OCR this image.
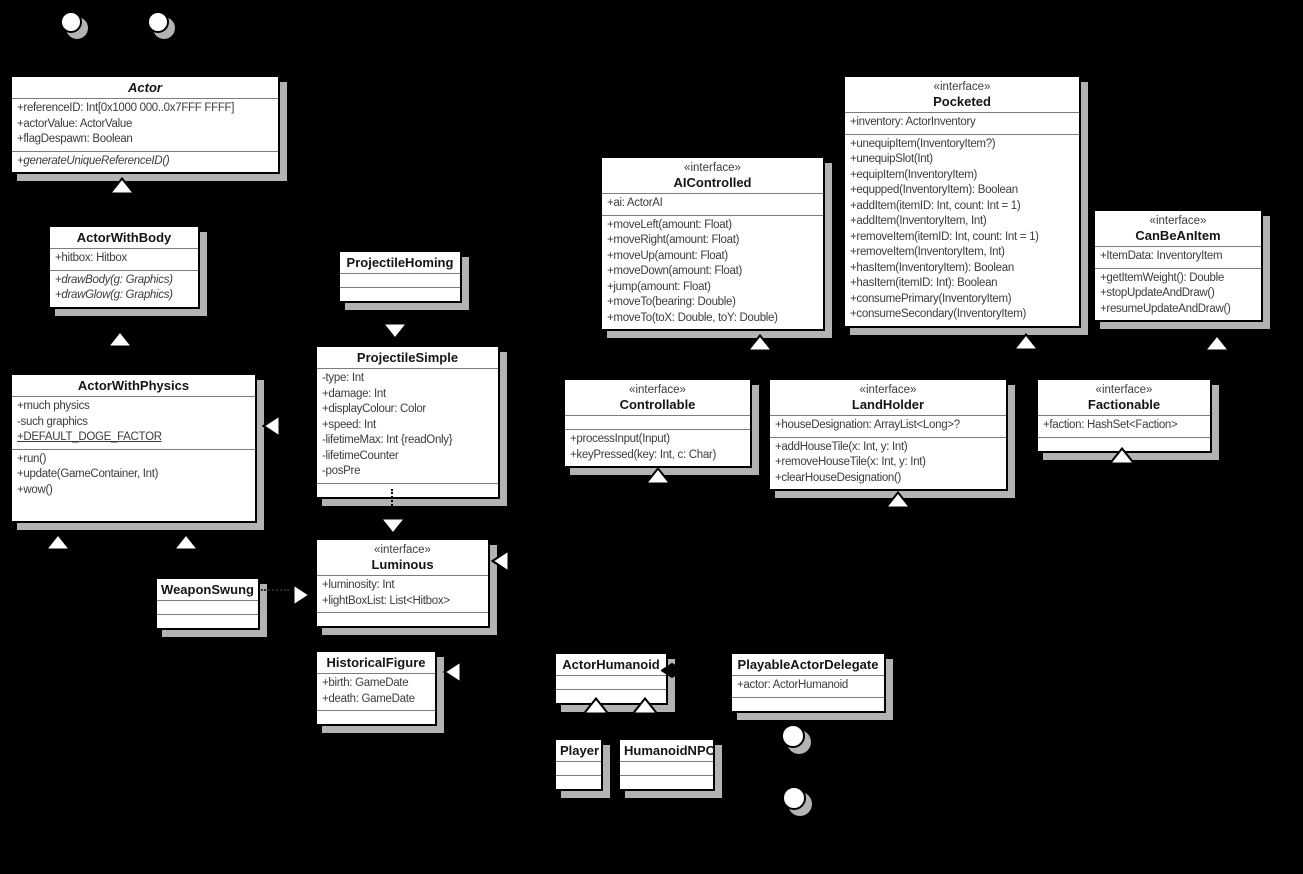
Actor
+referenceID: Int[0x1000 000..0x7FFF FFFF]
+actorValue: ActorValue
+flagDespawn: Boolean
+generateUniqueReferenceID()
ActorWithBody
+hitbox: Hitbox
+drawBody(g: Graphics)
+drawGlow(g: Graphics)
ActorWithPhysics
+much physics
-such graphics
+DEFAULT_DOGE_FACTOR
+run()
+update(GameContainer, Int)
+wow()
ProjectileHoming
ProjectileSimple
-type: Int
+damage: Int
+displayColour: Color
+speed: Int
-lifetimeMax: Int {readOnly}
-lifetimeCounter
-posPre
«interface»
Luminous
+luminosity: Int
+lightBoxList: List<Hitbox>
WeaponSwung
HistoricalFigure
+birth: GameDate
+death: GameDate
«interface»
AIControlled
+ai: ActorAI
+moveLeft(amount: Float)
+moveRight(amount: Float)
+moveUp(amount: Float)
+moveDown(amount: Float)
+jump(amount: Float)
+moveTo(bearing: Double)
+moveTo(toX: Double, toY: Double)
«interface»
Pocketed
+inventory: ActorInventory
+unequipItem(InventoryItem?)
+unequipSlot(Int)
+equipItem(InventoryItem)
+equpped(InventoryItem): Boolean
+addItem(itemID: Int, count: Int = 1)
+addItem(InventoryItem, Int)
+removeItem(itemID: Int, count: Int = 1)
+removeItem(InventoryItem, Int)
+hasItem(InventoryItem): Boolean
+hasItem(itemID: Int): Boolean
+consumePrimary(InventoryItem)
+consumeSecondary(InventoryItem)
«interface»
CanBeAnItem
+ItemData: InventoryItem
+getItemWeight(): Double
+stopUpdateAndDraw()
+resumeUpdateAndDraw()
«interface»
Controllable
+processInput(Input)
+keyPressed(key: Int, c: Char)
«interface»
LandHolder
+houseDesignation: ArrayList<Long>?
+addHouseTile(x: Int, y: Int)
+removeHouseTile(x: Int, y: Int)
+clearHouseDesignation()
«interface»
Factionable
+faction: HashSet<Faction>
ActorHumanoid	PlayableActorDelegate
+actor: ActorHumanoid
Player HumanoidNPC
